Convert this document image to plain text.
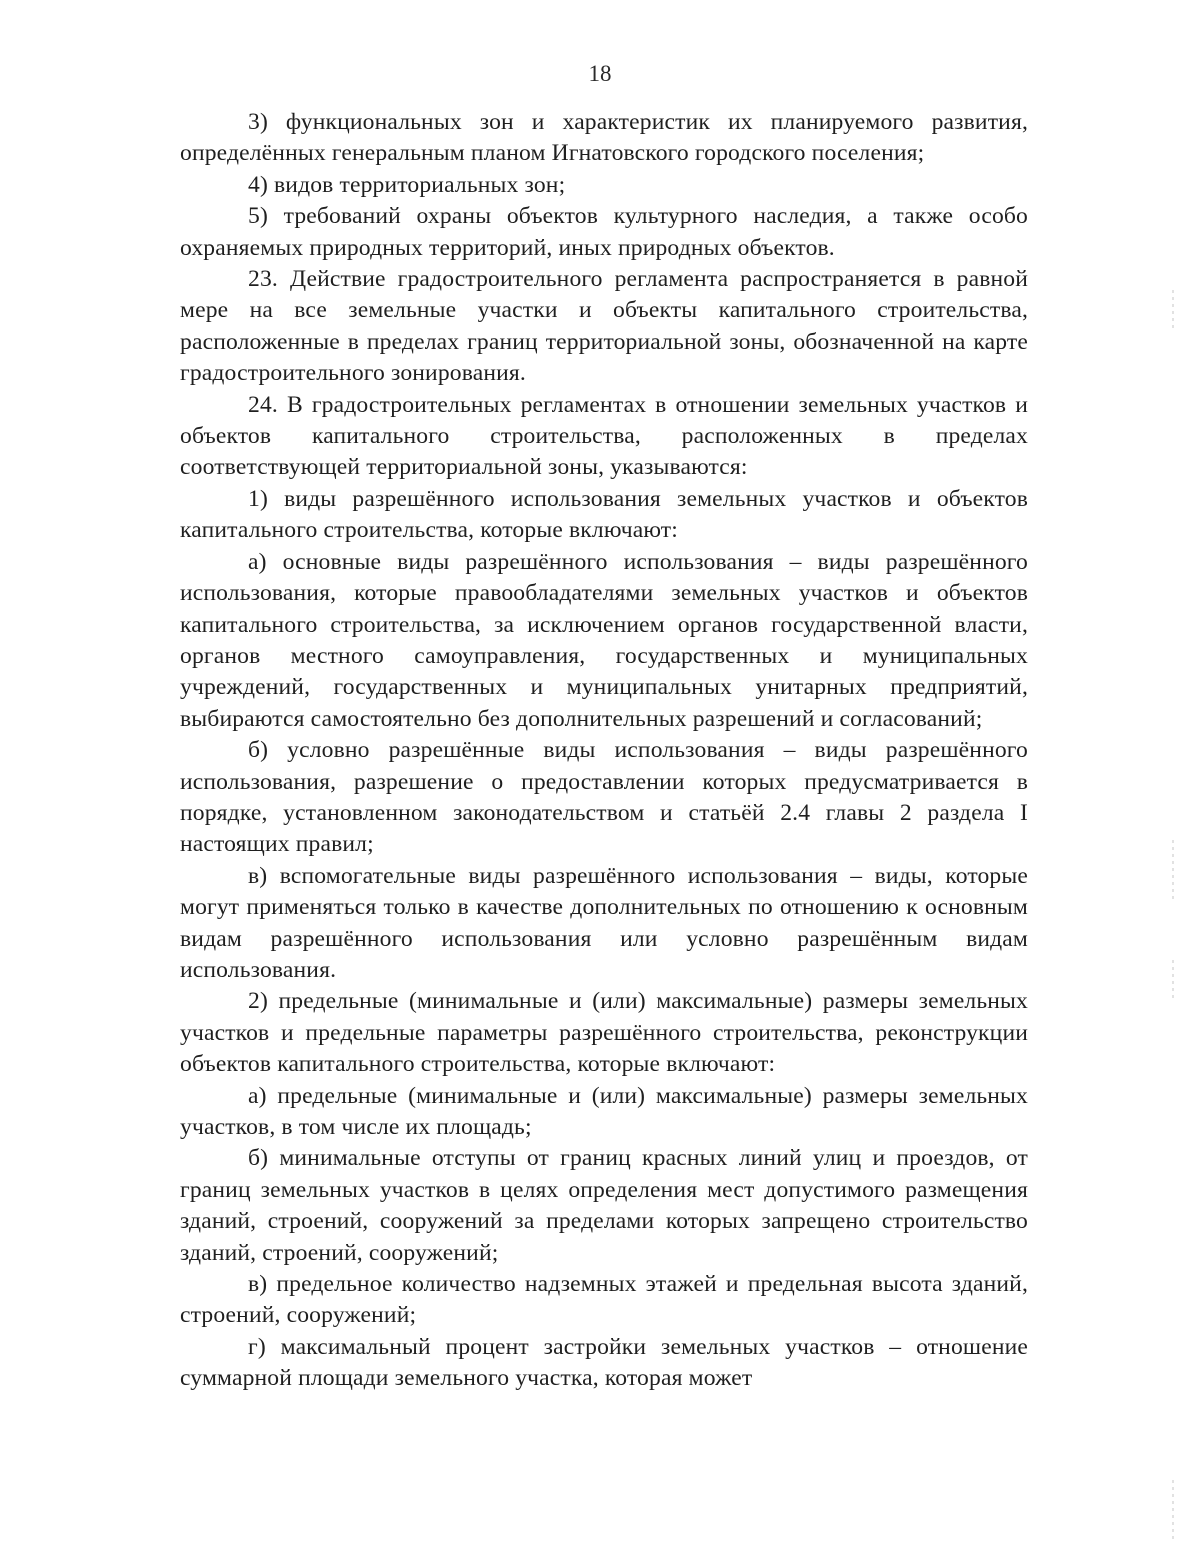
18

3) функциональных зон и характеристик их планируемого развития, определённых генеральным планом Игнатовского городского поселения;

4) видов территориальных зон;

5) требований охраны объектов культурного наследия, а также особо охраняемых природных территорий, иных природных объектов.

23. Действие градостроительного регламента распространяется в равной мере на все земельные участки и объекты капитального строительства, расположенные в пределах границ территориальной зоны, обозначенной на карте градостроительного зонирования.

24. В градостроительных регламентах в отношении земельных участков и объектов капитального строительства, расположенных в пределах соответствующей территориальной зоны, указываются:

1) виды разрешённого использования земельных участков и объектов капитального строительства, которые включают:

а) основные виды разрешённого использования – виды разрешённого использования, которые правообладателями земельных участков и объектов капитального строительства, за исключением органов государственной власти, органов местного самоуправления, государственных и муниципальных учреждений, государственных и муниципальных унитарных предприятий, выбираются самостоятельно без дополнительных разрешений и согласований;

б) условно разрешённые виды использования – виды разрешённого использования, разрешение о предоставлении которых предусматривается в порядке, установленном законодательством и статьёй 2.4 главы 2 раздела I настоящих правил;

в) вспомогательные виды разрешённого использования – виды, которые могут применяться только в качестве дополнительных по отношению к основным видам разрешённого использования или условно разрешённым видам использования.

2) предельные (минимальные и (или) максимальные) размеры земельных участков и предельные параметры разрешённого строительства, реконструкции объектов капитального строительства, которые включают:

а) предельные (минимальные и (или) максимальные) размеры земельных участков, в том числе их площадь;

б) минимальные отступы от границ красных линий улиц и проездов, от границ земельных участков в целях определения мест допустимого размещения зданий, строений, сооружений за пределами которых запрещено строительство зданий, строений, сооружений;

в) предельное количество надземных этажей и предельная высота зданий, строений, сооружений;

г) максимальный процент застройки земельных участков – отношение суммарной площади земельного участка, которая может
